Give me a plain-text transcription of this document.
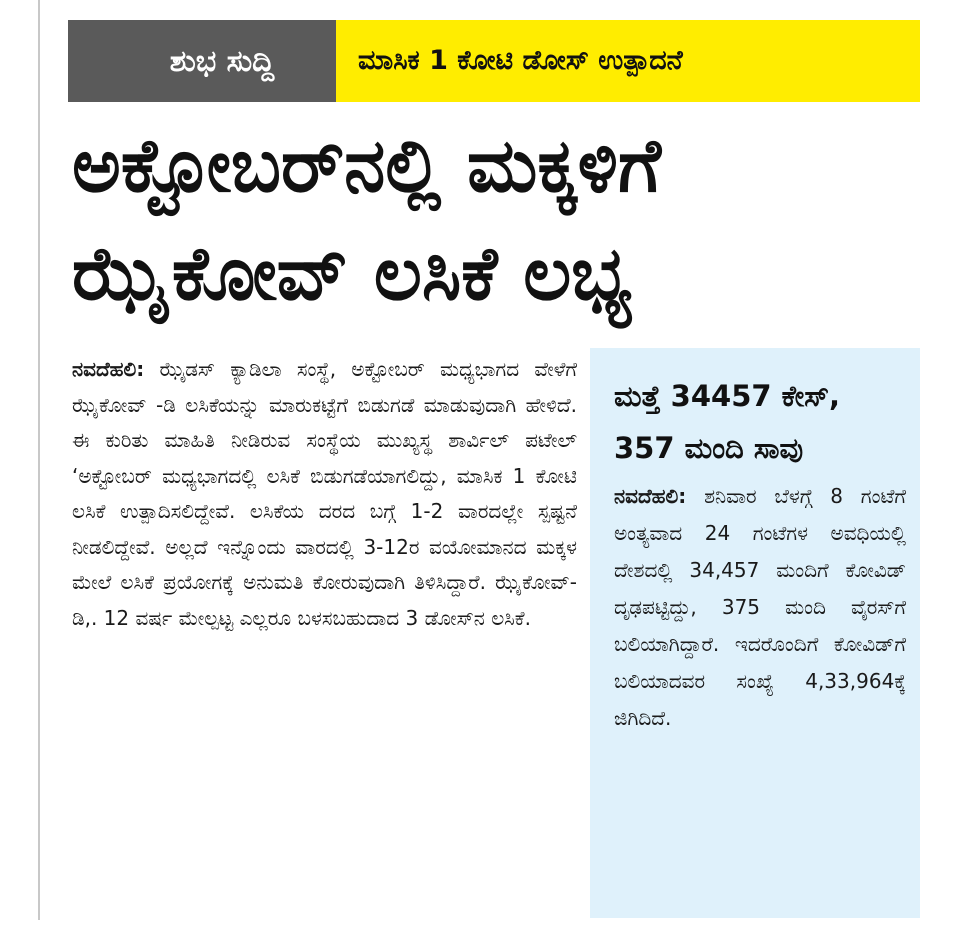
ಶುಭ ಸುದ್ದಿ	ಮಾಸಿಕ 1 ಕೋಟಿ ಡೋಸ್ ಉತ್ಪಾದನೆ
ಅಕ್ಟೋಬರ್‌ನಲ್ಲಿ ಮಕ್ಕಳಿಗೆ
ಝೈಕೋವ್ ಲಸಿಕೆ ಲಭ್ಯ

ನವದೆಹಲಿ: ಝೈಡಸ್ ಕ್ಯಾಡಿಲಾ ಸಂಸ್ಥೆ, ಅಕ್ಟೋಬರ್ ಮಧ್ಯಭಾಗದ ವೇಳೆಗೆ ಝೈಕೋವ್ -ಡಿ ಲಸಿಕೆಯನ್ನು ಮಾರುಕಟ್ಟೆಗೆ ಬಿಡುಗಡೆ ಮಾಡುವುದಾಗಿ ಹೇಳಿದೆ. ಈ ಕುರಿತು ಮಾಹಿತಿ ನೀಡಿರುವ ಸಂಸ್ಥೆಯ ಮುಖ್ಯಸ್ಥ ಶಾರ್ವಿಲ್ ಪಟೇಲ್ ‘ಅಕ್ಟೋಬರ್ ಮಧ್ಯಭಾಗದಲ್ಲಿ ಲಸಿಕೆ ಬಿಡುಗಡೆಯಾಗಲಿದ್ದು, ಮಾಸಿಕ 1 ಕೋಟಿ ಲಸಿಕೆ ಉತ್ಪಾದಿಸಲಿದ್ದೇವೆ. ಲಸಿಕೆಯ ದರದ ಬಗ್ಗೆ 1-2 ವಾರದಲ್ಲೇ ಸ್ಪಷ್ಟನೆ ನೀಡಲಿದ್ದೇವೆ. ಅಲ್ಲದೆ ಇನ್ನೊಂದು ವಾರದಲ್ಲಿ 3-12ರ ವಯೋಮಾನದ ಮಕ್ಕಳ ಮೇಲೆ ಲಸಿಕೆ ಪ್ರಯೋಗಕ್ಕೆ ಅನುಮತಿ ಕೋರುವುದಾಗಿ ತಿಳಿಸಿದ್ದಾರೆ. ಝೈಕೋವ್-ಡಿ,. 12 ವರ್ಷ ಮೇಲ್ಪಟ್ಟ ಎಲ್ಲರೂ ಬಳಸಬಹುದಾದ 3 ಡೋಸ್‌ನ ಲಸಿಕೆ.

ಮತ್ತೆ 34457 ಕೇಸ್,
357 ಮಂದಿ ಸಾವು

ನವದೆಹಲಿ: ಶನಿವಾರ ಬೆಳಗ್ಗೆ 8 ಗಂಟೆಗೆ ಅಂತ್ಯವಾದ 24 ಗಂಟೆಗಳ ಅವಧಿಯಲ್ಲಿ ದೇಶದಲ್ಲಿ 34,457 ಮಂದಿಗೆ ಕೋವಿಡ್ ದೃಢಪಟ್ಟಿದ್ದು, 375 ಮಂದಿ ವೈರಸ್‌ಗೆ ಬಲಿಯಾಗಿದ್ದಾರೆ. ಇದರೊಂದಿಗೆ ಕೋವಿಡ್‌ಗೆ ಬಲಿಯಾದವರ ಸಂಖ್ಯೆ 4,33,964ಕ್ಕೆ ಜಿಗಿದಿದೆ.
